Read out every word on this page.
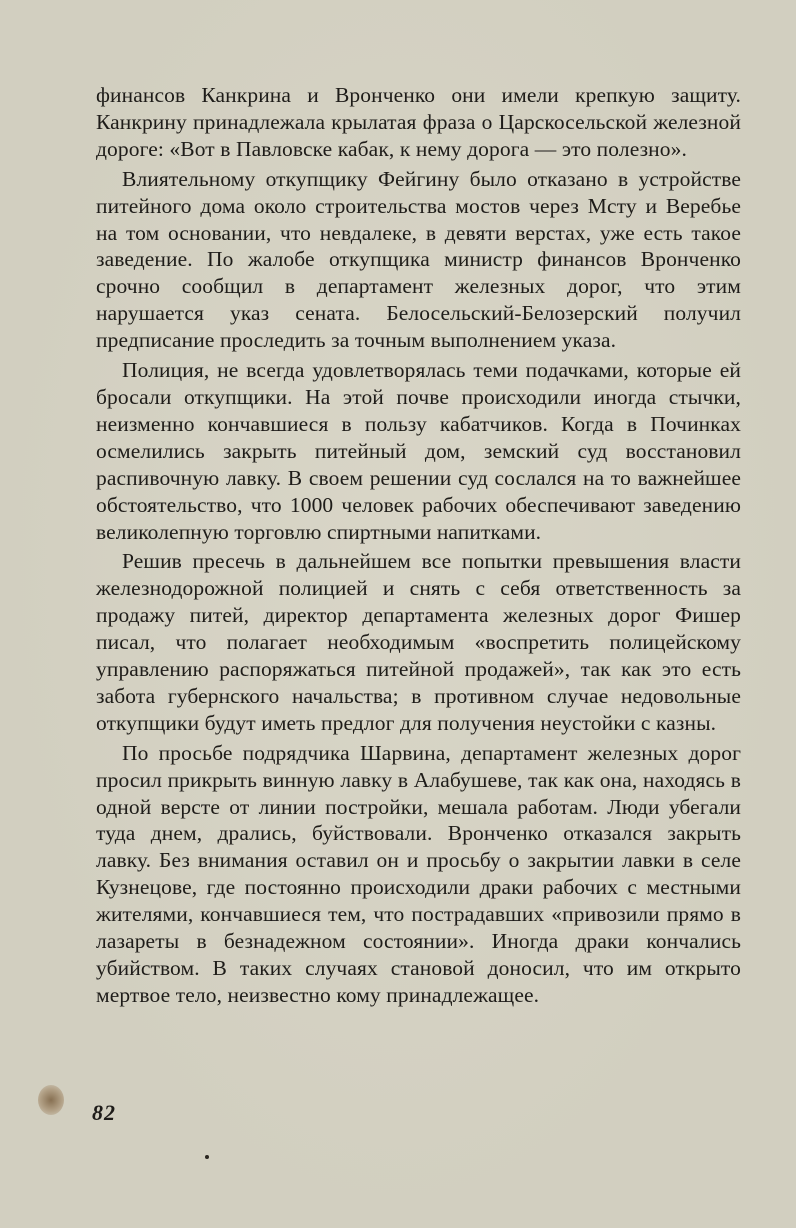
финансов Канкрина и Вронченко они имели крепкую защиту. Канкрину принадлежала крылатая фраза о Царскосельской железной дороге: «Вот в Павловске кабак, к нему дорога — это полезно».

Влиятельному откупщику Фейгину было отказано в устройстве питейного дома около строительства мостов через Мсту и Веребье на том основании, что невдалеке, в девяти верстах, уже есть такое заведение. По жалобе откупщика министр финансов Вронченко срочно сообщил в департамент железных дорог, что этим нарушается указ сената. Белосельский-Белозерский получил предписание проследить за точным выполнением указа.

Полиция, не всегда удовлетворялась теми подачками, которые ей бросали откупщики. На этой почве происходили иногда стычки, неизменно кончавшиеся в пользу кабатчиков. Когда в Починках осмелились закрыть питейный дом, земский суд восстановил распивочную лавку. В своем решении суд сослался на то важнейшее обстоятельство, что 1000 человек рабочих обеспечивают заведению великолепную торговлю спиртными напитками.

Решив пресечь в дальнейшем все попытки превышения власти железнодорожной полицией и снять с себя ответственность за продажу питей, директор департамента железных дорог Фишер писал, что полагает необходимым «воспретить полицейскому управлению распоряжаться питейной продажей», так как это есть забота губернского начальства; в противном случае недовольные откупщики будут иметь предлог для получения неустойки с казны.

По просьбе подрядчика Шарвина, департамент железных дорог просил прикрыть винную лавку в Алабушеве, так как она, находясь в одной версте от линии постройки, мешала работам. Люди убегали туда днем, дрались, буйствовали. Вронченко отказался закрыть лавку. Без внимания оставил он и просьбу о закрытии лавки в селе Кузнецове, где постоянно происходили драки рабочих с местными жителями, кончавшиеся тем, что пострадавших «привозили прямо в лазареты в безнадежном состоянии». Иногда драки кончались убийством. В таких случаях становой доносил, что им открыто мертвое тело, неизвестно кому принадлежащее.

82
